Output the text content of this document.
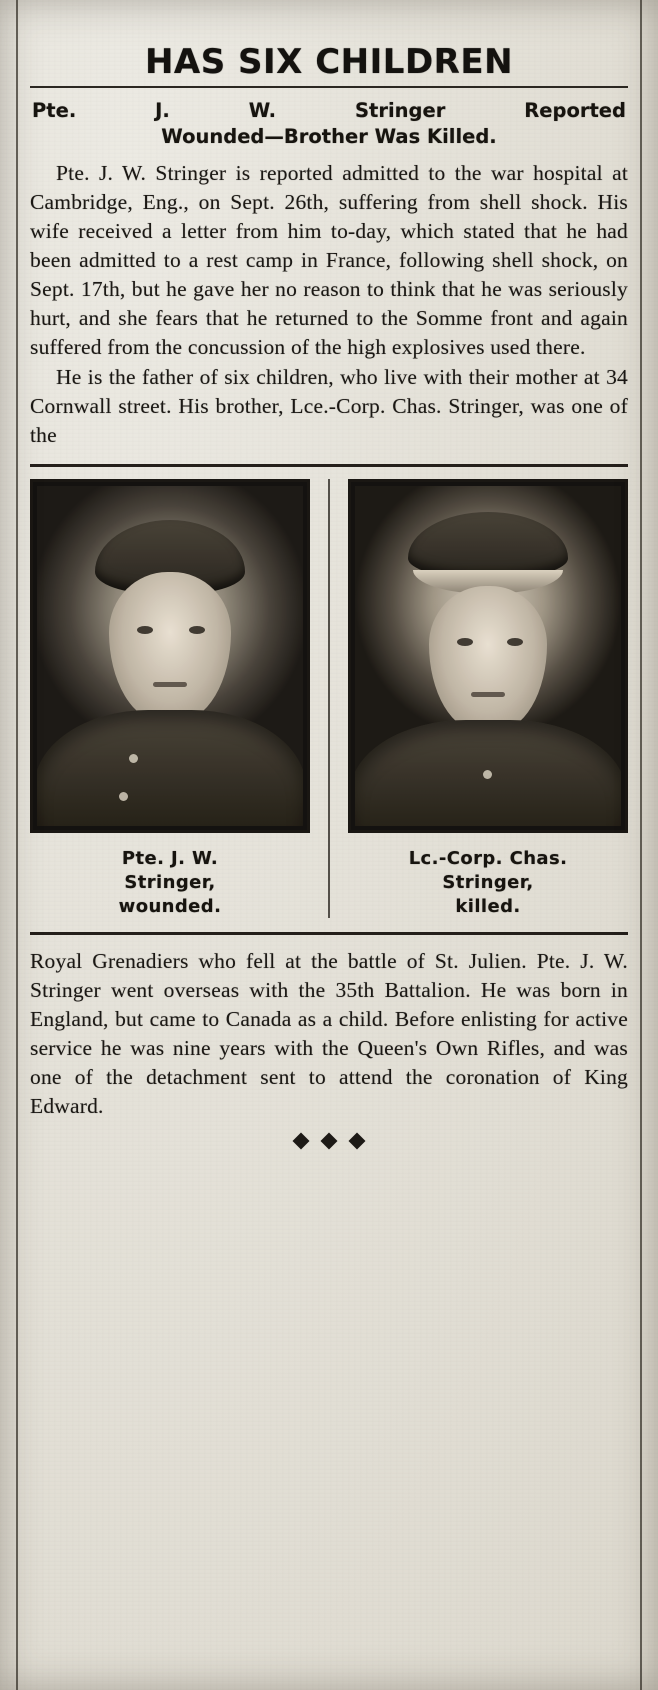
HAS SIX CHILDREN
Pte. J. W. Stringer Reported
Wounded—Brother Was Killed.

Pte. J. W. Stringer is reported admitted to the war hospital at Cambridge, Eng., on Sept. 26th, suffering from shell shock. His wife received a letter from him to-day, which stated that he had been admitted to a rest camp in France, following shell shock, on Sept. 17th, but he gave her no reason to think that he was seriously hurt, and she fears that he returned to the Somme front and again suffered from the concussion of the high explosives used there.

He is the father of six children, who live with their mother at 34 Cornwall street. His brother, Lce.-Corp. Chas. Stringer, was one of the

Pte. J. W.
Stringer,
wounded.
Lc.-Corp. Chas.
Stringer,
killed.

Royal Grenadiers who fell at the battle of St. Julien. Pte. J. W. Stringer went overseas with the 35th Battalion. He was born in England, but came to Canada as a child. Before enlisting for active service he was nine years with the Queen's Own Rifles, and was one of the detachment sent to attend the coronation of King Edward.
